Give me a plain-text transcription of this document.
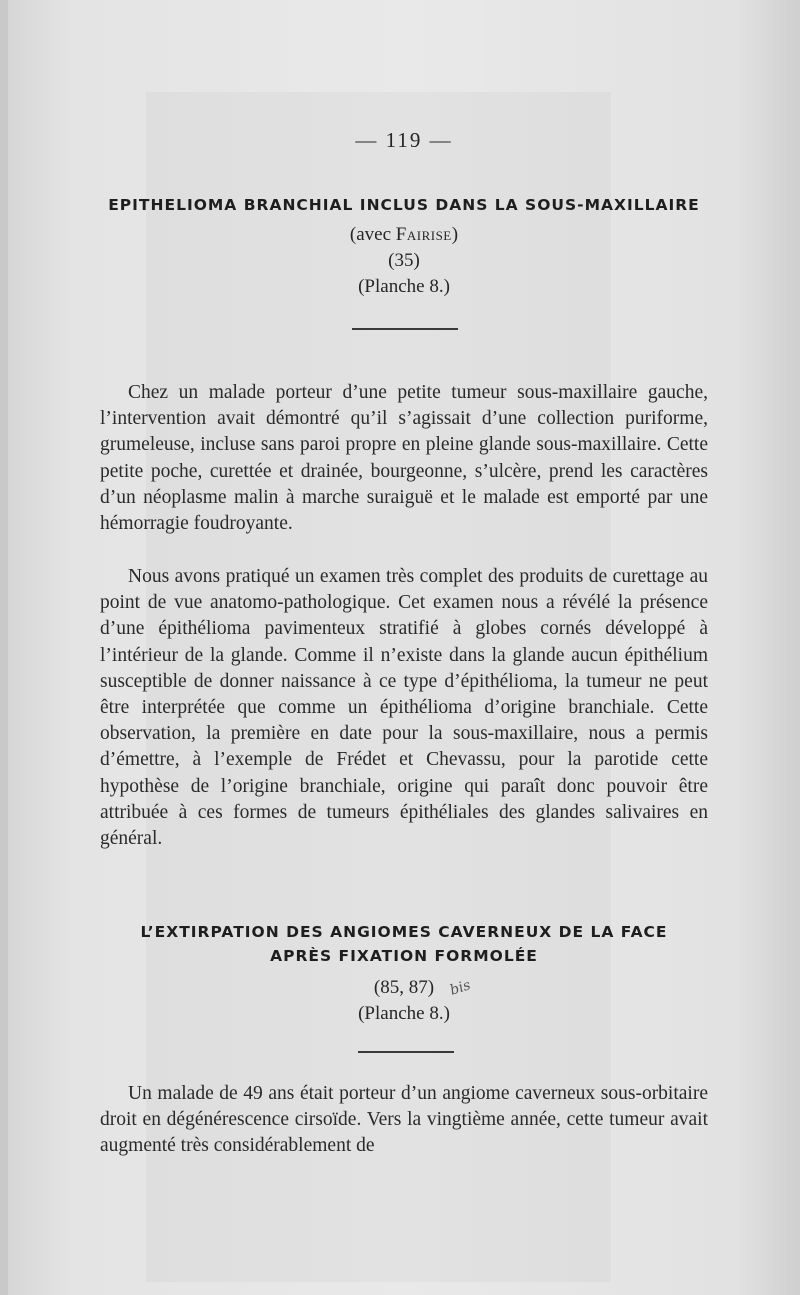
— 119 —
EPITHELIOMA BRANCHIAL INCLUS DANS LA SOUS-MAXILLAIRE
(avec Fairise)
(35)
(Planche 8.)

Chez un malade porteur d’une petite tumeur sous-maxillaire gauche, l’intervention avait démontré qu’il s’agissait d’une collection puriforme, grumeleuse, incluse sans paroi propre en pleine glande sous-maxillaire. Cette petite poche, curettée et drainée, bourgeonne, s’ulcère, prend les caractères d’un néoplasme malin à marche suraiguë et le malade est emporté par une hémorragie foudroyante.

Nous avons pratiqué un examen très complet des produits de curettage au point de vue anatomo-pathologique. Cet examen nous a révélé la présence d’une épithélioma pavimenteux stratifié à globes cornés développé à l’intérieur de la glande. Comme il n’existe dans la glande aucun épithélium susceptible de donner naissance à ce type d’épithélioma, la tumeur ne peut être interprétée que comme un épithélioma d’origine branchiale. Cette observation, la première en date pour la sous-maxillaire, nous a permis d’émettre, à l’exemple de Frédet et Chevassu, pour la parotide cette hypothèse de l’origine branchiale, origine qui paraît donc pouvoir être attribuée à ces formes de tumeurs épithéliales des glandes salivaires en général.

L’EXTIRPATION DES ANGIOMES CAVERNEUX DE LA FACE
APRÈS FIXATION FORMOLÉE
(85, 87) bis
(Planche 8.)

Un malade de 49 ans était porteur d’un angiome caverneux sous-orbitaire droit en dégénérescence cirsoïde. Vers la vingtième année, cette tumeur avait augmenté très considérablement de
